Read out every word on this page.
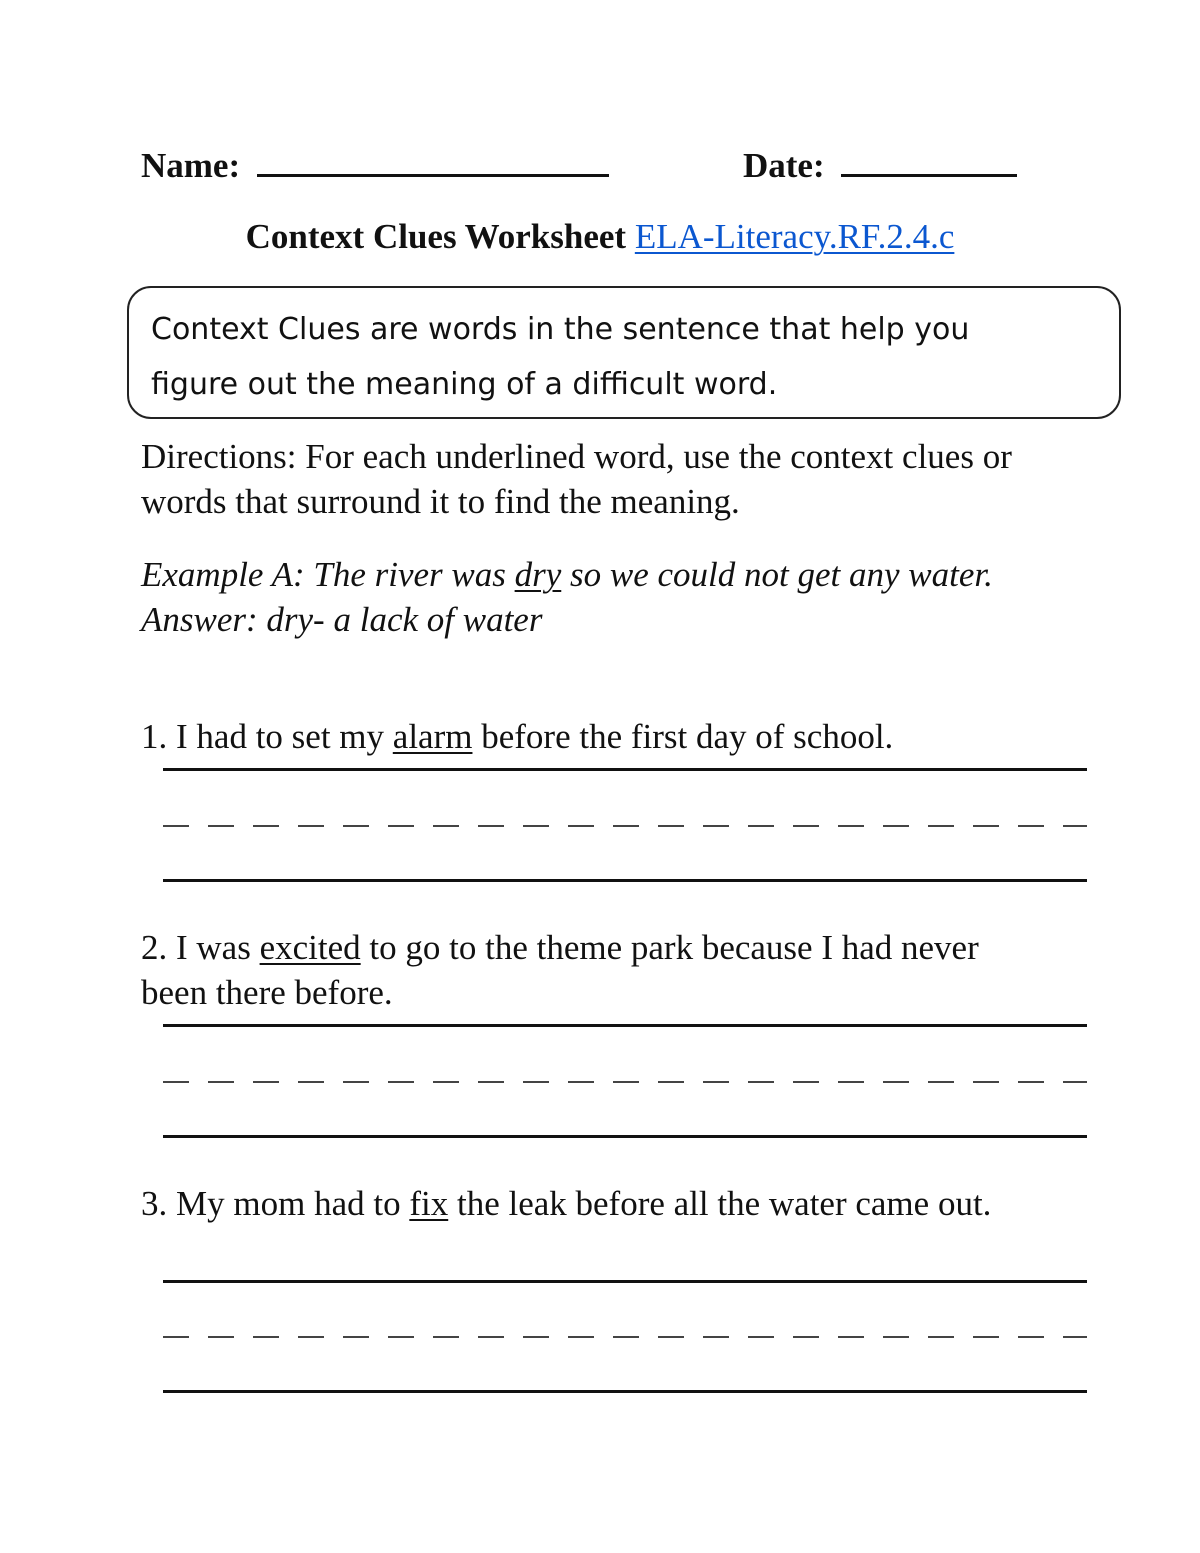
Name:	Date:
Context Clues Worksheet ELA-Literacy.RF.2.4.c
Context Clues are words in the sentence that help you
figure out the meaning of a difficult word.
Directions: For each underlined word, use the context clues or words that surround it to find the meaning.
Example A: The river was dry so we could not get any water.
Answer: dry- a lack of water
1. I had to set my alarm before the first day of school.
2. I was excited to go to the theme park because I had never been there before.
3. My mom had to fix the leak before all the water came out.
